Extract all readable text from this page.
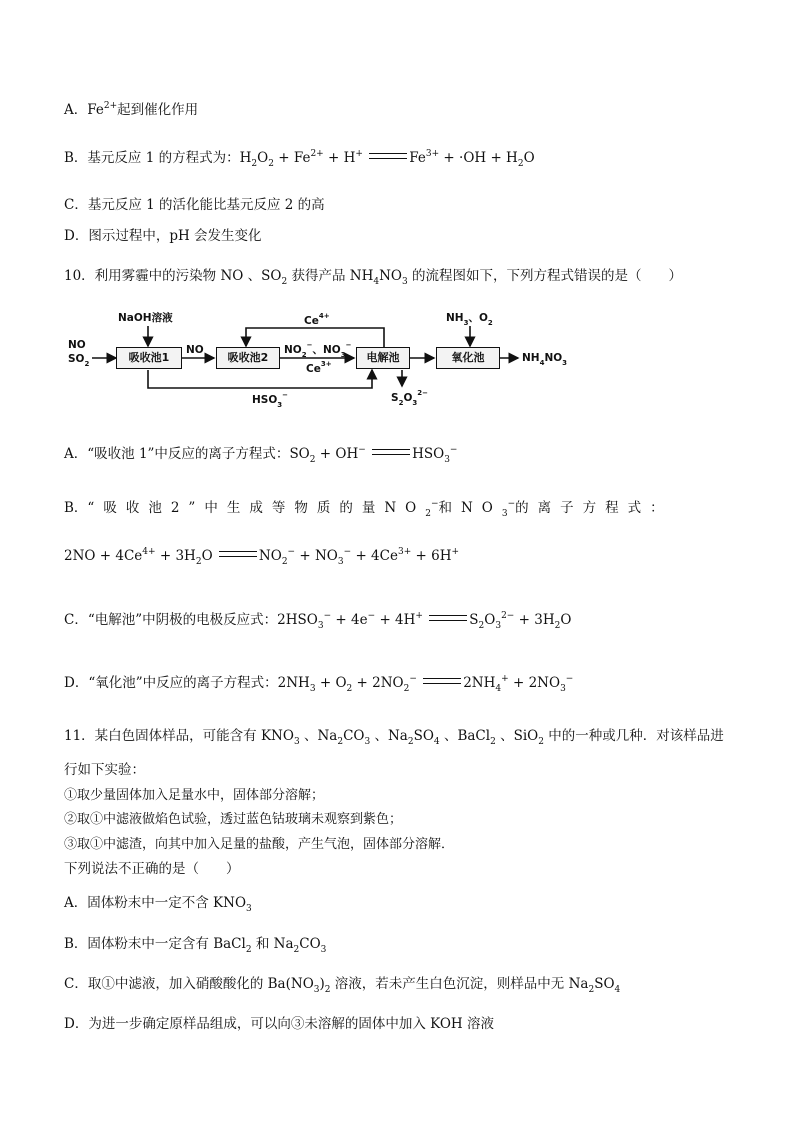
A．$Fe^{2+}$起到催化作用
B．基元反应 1 的方程式为：$H_2O_2 + Fe^{2+} + H^+$	$Fe^{3+} + \cdot OH + H_2O$
C．基元反应 1 的活化能比基元反应 2 的高
D．图示过程中，pH 会发生变化
10．利用雾霾中的污染物 NO 、$SO_2$ 获得产品 $NH_4NO_3$ 的流程图如下，下列方程式错误的是（　　）
NO
$SO_2$
NaOH溶液
吸收池1
NO
吸收池2
$NO_2^-$、$NO_3^-$
$Ce^{3+}$
$Ce^{4+}$
电解池
$S_2O_3^{2-}$
$HSO_3^-$
$NH_3$、$O_2$
氧化池	$NH_4NO_3$
A．“吸收池 1”中反应的离子方程式：$SO_2 + OH^-$	$HSO_3^-$
B．“吸收池2”中生成等物质的量$NO_2^-$和$NO_3^-$的离子方程式：
$2NO + 4Ce^{4+} + 3H_2O$	$NO_2^- + NO_3^- + 4Ce^{3+} + 6H^+$
C．“电解池”中阴极的电极反应式：$2HSO_3^- + 4e^- + 4H^+$	$S_2O_3^{2-} + 3H_2O$
D．“氧化池”中反应的离子方程式：$2NH_3 + O_2 + 2NO_2^-$	$2NH_4^+ + 2NO_3^-$
11．某白色固体样品，可能含有 $KNO_3$ 、$Na_2CO_3$ 、$Na_2SO_4$ 、BaCl$_2$ 、SiO$_2$ 中的一种或几种．对该样品进
行如下实验：
①取少量固体加入足量水中，固体部分溶解；
②取①中滤液做焰色试验，透过蓝色钴玻璃未观察到紫色；
③取①中滤渣，向其中加入足量的盐酸，产生气泡，固体部分溶解．
下列说法不正确的是（　　）
A．固体粉末中一定不含 $KNO_3$
B．固体粉末中一定含有 BaCl$_2$ 和 $Na_2CO_3$
C．取①中滤液，加入硝酸酸化的 $Ba(NO_3)_2$ 溶液，若未产生白色沉淀，则样品中无 $Na_2SO_4$
D．为进一步确定原样品组成，可以向③未溶解的固体中加入 KOH 溶液
